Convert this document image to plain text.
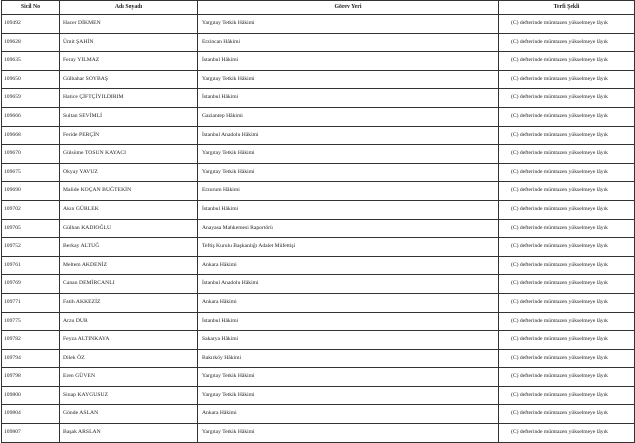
Sicil No	Adı Soyadı	Görev Yeri	Terfi Şekli
109492	Hacer DİKMEN	Yargıtay Tetkik Hâkimi	(C) defterinde mümtazen yükselmeye lâyık
109628	Ümit ŞAHİN	Erzincan Hâkimi	(C) defterinde mümtazen yükselmeye lâyık
109635	Feray YILMAZ	İstanbul Hâkimi	(C) defterinde mümtazen yükselmeye lâyık
109650	Gülbahar SOYBAŞ	Yargıtay Tetkik Hâkimi	(C) defterinde mümtazen yükselmeye lâyık
109659	Hatice ÇİFTÇİYILDIRIM	İstanbul Hâkimi	(C) defterinde mümtazen yükselmeye lâyık
109666	Sultan SEVİMLİ	Gaziantep Hâkimi	(C) defterinde mümtazen yükselmeye lâyık
109668	Feride PERÇİN	İstanbul Anadolu Hâkimi	(C) defterinde mümtazen yükselmeye lâyık
109670	Gülsüme TOSUN KAYACI	Yargıtay Tetkik Hâkimi	(C) defterinde mümtazen yükselmeye lâyık
109675	Okyay YAVUZ	Yargıtay Tetkik Hâkimi	(C) defterinde mümtazen yükselmeye lâyık
109690	Malide KOÇAN BUĞTEKİN	Erzurum Hâkimi	(C) defterinde mümtazen yükselmeye lâyık
109702	Akın GÜRLEK	İstanbul Hâkimi	(C) defterinde mümtazen yükselmeye lâyık
109705	Gülhan KADIOĞLU	Anayasa Mahkemesi Raportörü	(C) defterinde mümtazen yükselmeye lâyık
109752	Berkay ALTUĞ	Teftiş Kurulu Başkanlığı Adalet Müfettişi	(C) defterinde mümtazen yükselmeye lâyık
109761	Meltem AKDENİZ	Ankara Hâkimi	(C) defterinde mümtazen yükselmeye lâyık
109769	Canan DEMİRCANLI	İstanbul Anadolu Hâkimi	(C) defterinde mümtazen yükselmeye lâyık
109771	Fatih AKKEZİZ	Ankara Hâkimi	(C) defterinde mümtazen yükselmeye lâyık
109775	Arzu DUR	İstanbul Hâkimi	(C) defterinde mümtazen yükselmeye lâyık
109782	Feyza ALTINKAYA	Sakarya Hâkimi	(C) defterinde mümtazen yükselmeye lâyık
109794	Dilek ÖZ	Bakırköy Hâkimi	(C) defterinde mümtazen yükselmeye lâyık
109798	Eren GÜVEN	Yargıtay Tetkik Hâkimi	(C) defterinde mümtazen yükselmeye lâyık
109800	Sinap KAYGUSUZ	Yargıtay Tetkik Hâkimi	(C) defterinde mümtazen yükselmeye lâyık
109804	Gönde ASLAN	Ankara Hâkimi	(C) defterinde mümtazen yükselmeye lâyık
109807	Başak ARSLAN	Yargıtay Tetkik Hâkimi	(C) defterinde mümtazen yükselmeye lâyık
